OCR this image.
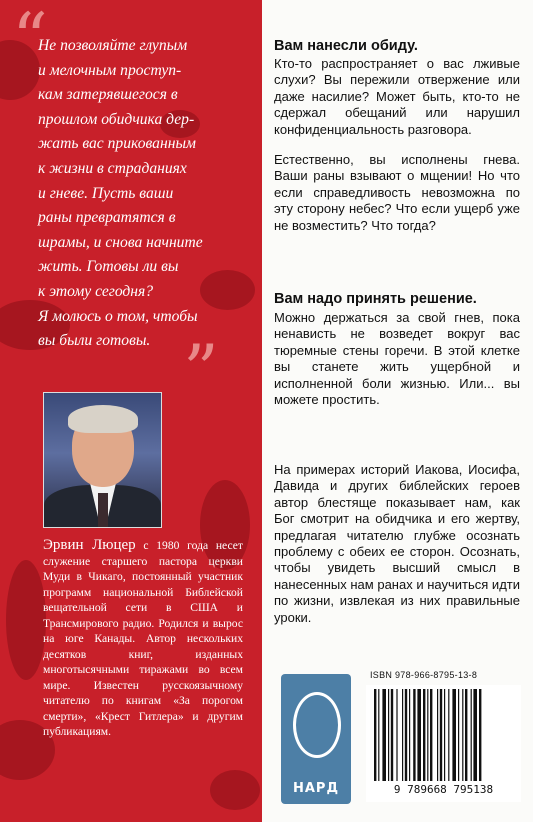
“
”

Не позволяйте глупым

и мелочным проступ-

кам затерявшегося в

прошлом обидчика дер-

жать вас прикованным

к жизни в страданиях

и гневе. Пусть ваши

раны превратятся в

шрамы, и снова начните

жить. Готовы ли вы

к этому сегодня?

Я молюсь о том, чтобы

вы были готовы.

Эрвин Люцер с 1980 года несет служение старшего пастора церкви Муди в Чикаго, постоянный участник программ национальной Библейской вещательной сети в США и Трансмирового радио. Родился и вырос на юге Канады. Автор нескольких десятков книг, изданных многотысячными тиражами во всем мире. Известен русскоязычному читателю по книгам «За порогом смерти», «Крест Гитлера» и другим публикациям.
Вам нанесли обиду.

Кто-то распространяет о вас лживые слухи? Вы пережили отвержение или даже насилие? Может быть, кто-то не сдержал обещаний или нарушил конфиденциальность разговора.

Естественно, вы исполнены гнева. Ваши раны взывают о мщении! Но что если справедливость невозможна по эту сторону небес? Что если ущерб уже не возместить? Что тогда?

Вам надо принять решение.

Можно держаться за свой гнев, пока ненависть не возведет вокруг вас тюремные стены горечи. В этой клетке вы станете жить ущербной и исполненной боли жизнью. Или... вы можете простить.

На примерах историй Иакова, Иосифа, Давида и других библейских героев автор блестяще показывает нам, как Бог смотрит на обидчика и его жертву, предлагая читателю глубже осознать проблему с обеих ее сторон. Осознать, чтобы увидеть высший смысл в нанесенных нам ранах и научиться идти по жизни, извлекая из них правильные уроки.

ISBN 978-966-8795-13-8
НАРД	9 789668 795138
